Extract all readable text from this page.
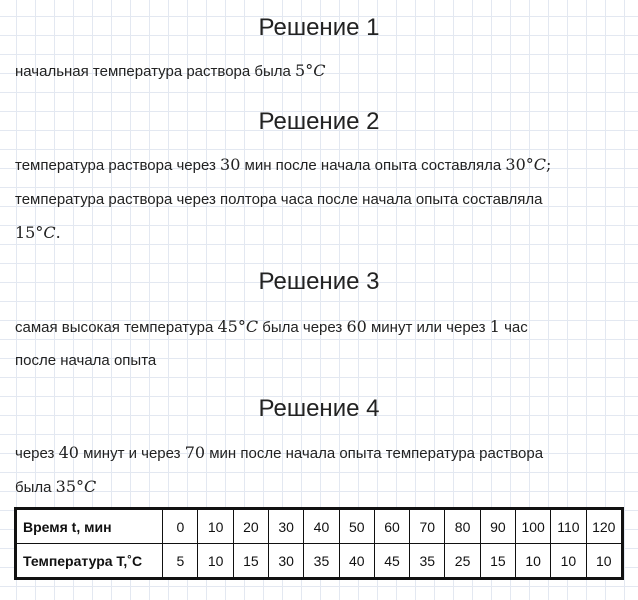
Решение 1

начальная температура раствора была 5°C

Решение 2

температура раствора через 30 мин после начала опыта составляла 30°C;

температура раствора через полтора часа после начала опыта составляла

15°C.

Решение 3

самая высокая температура 45°C была через 60 минут или через 1 час

после начала опыта

Решение 4

через 40 минут и через 70 мин после начала опыта температура раствора

была 35°C

Время t, мин	0	10	20	30	40	50	60	70	80	90	100	110	120
Температура T,˚С	5	10	15	30	35	40	45	35	25	15	10	10	10
